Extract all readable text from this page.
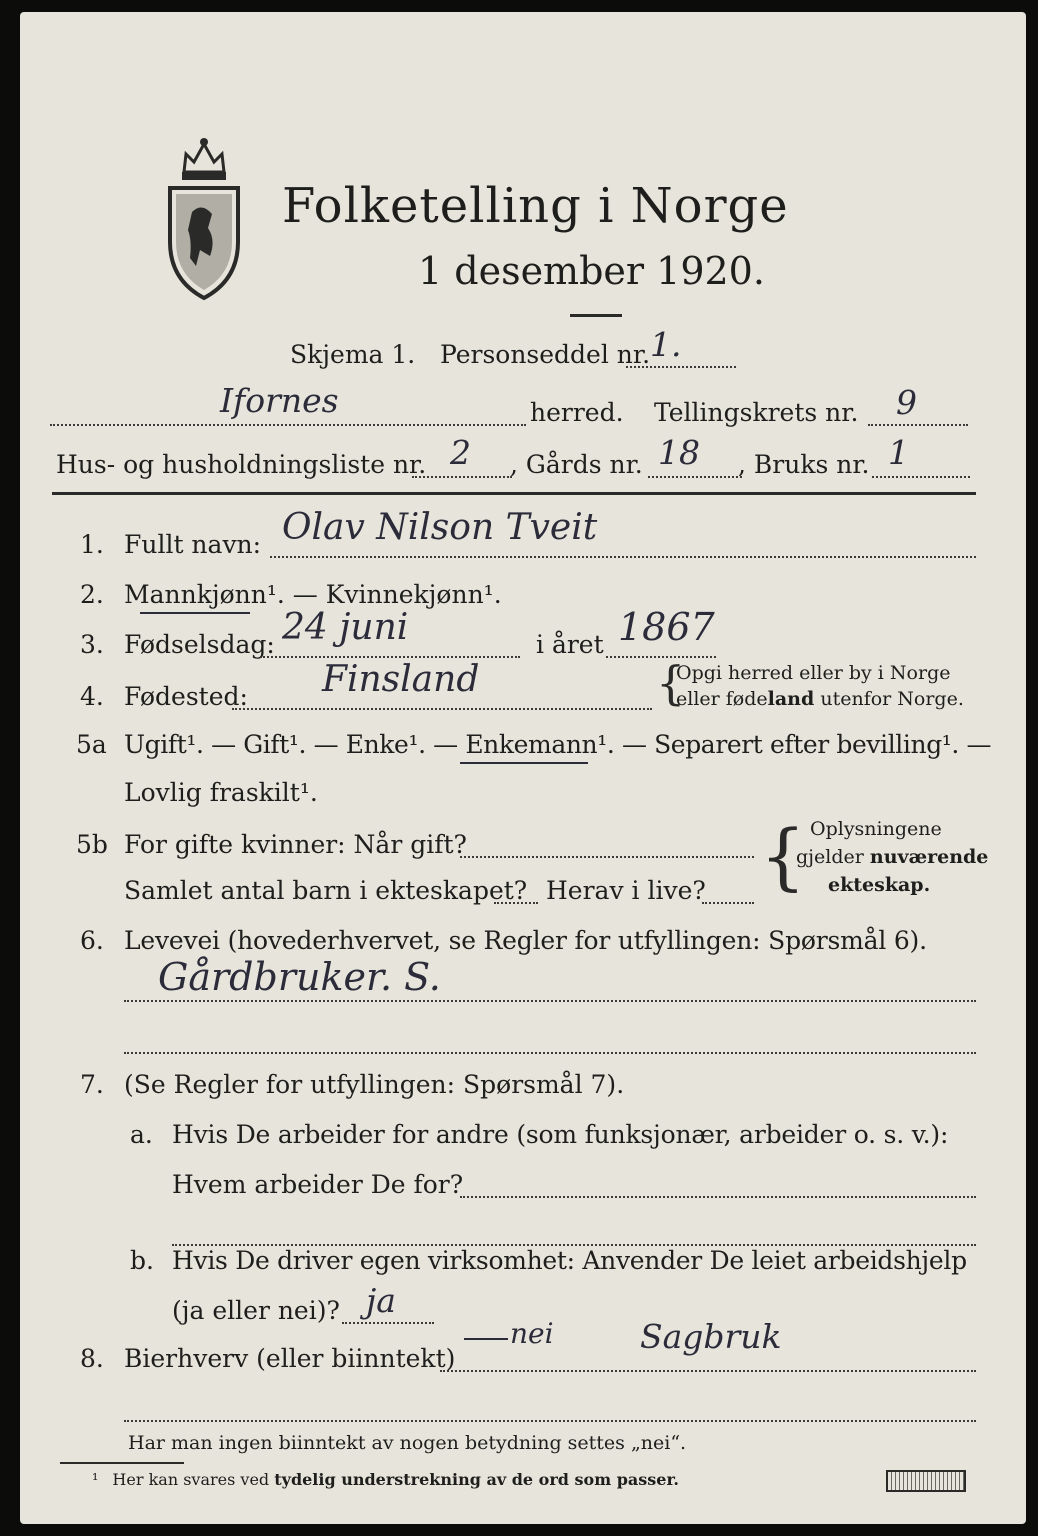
Folketelling i Norge
1 desember 1920.
Skjema 1. Personseddel nr. 1.
Ifornes	herred. Tellingskrets nr. 9
Hus- og husholdningsliste nr. 2 , Gårds nr. 18 , Bruks nr. 1
1. Fullt navn: Olav Nilson Tveit
2. Mannkjønn¹. — Kvinnekjønn¹.
3. Fødselsdag: 24 juni	i året 1867
4. Fødested: Finsland	{
Opgi herred eller by i Norge
eller fødeland utenfor Norge.
5a Ugift¹. — Gift¹. — Enke¹. — Enkemann¹. — Separert efter bevilling¹. —
Lovlig fraskilt¹.
5b For gifte kvinner: Når gift?
Samlet antal barn i ekteskapet? Herav i live? { Oplysningene
gjelder nuværende
ekteskap.
6. Levevei (hovederhvervet, se Regler for utfyllingen: Spørsmål 6).
Gårdbruker. S.
7. (Se Regler for utfyllingen: Spørsmål 7).
a. Hvis De arbeider for andre (som funksjonær, arbeider o. s. v.):
Hvem arbeider De for?
b. Hvis De driver egen virksomhet: Anvender De leiet arbeidshjelp
(ja eller nei)? ja
8. Bierhverv (eller biinntekt)
nei	Sagbruk
Har man ingen biinntekt av nogen betydning settes „nei“.
¹ Her kan svares ved tydelig understrekning av de ord som passer.
